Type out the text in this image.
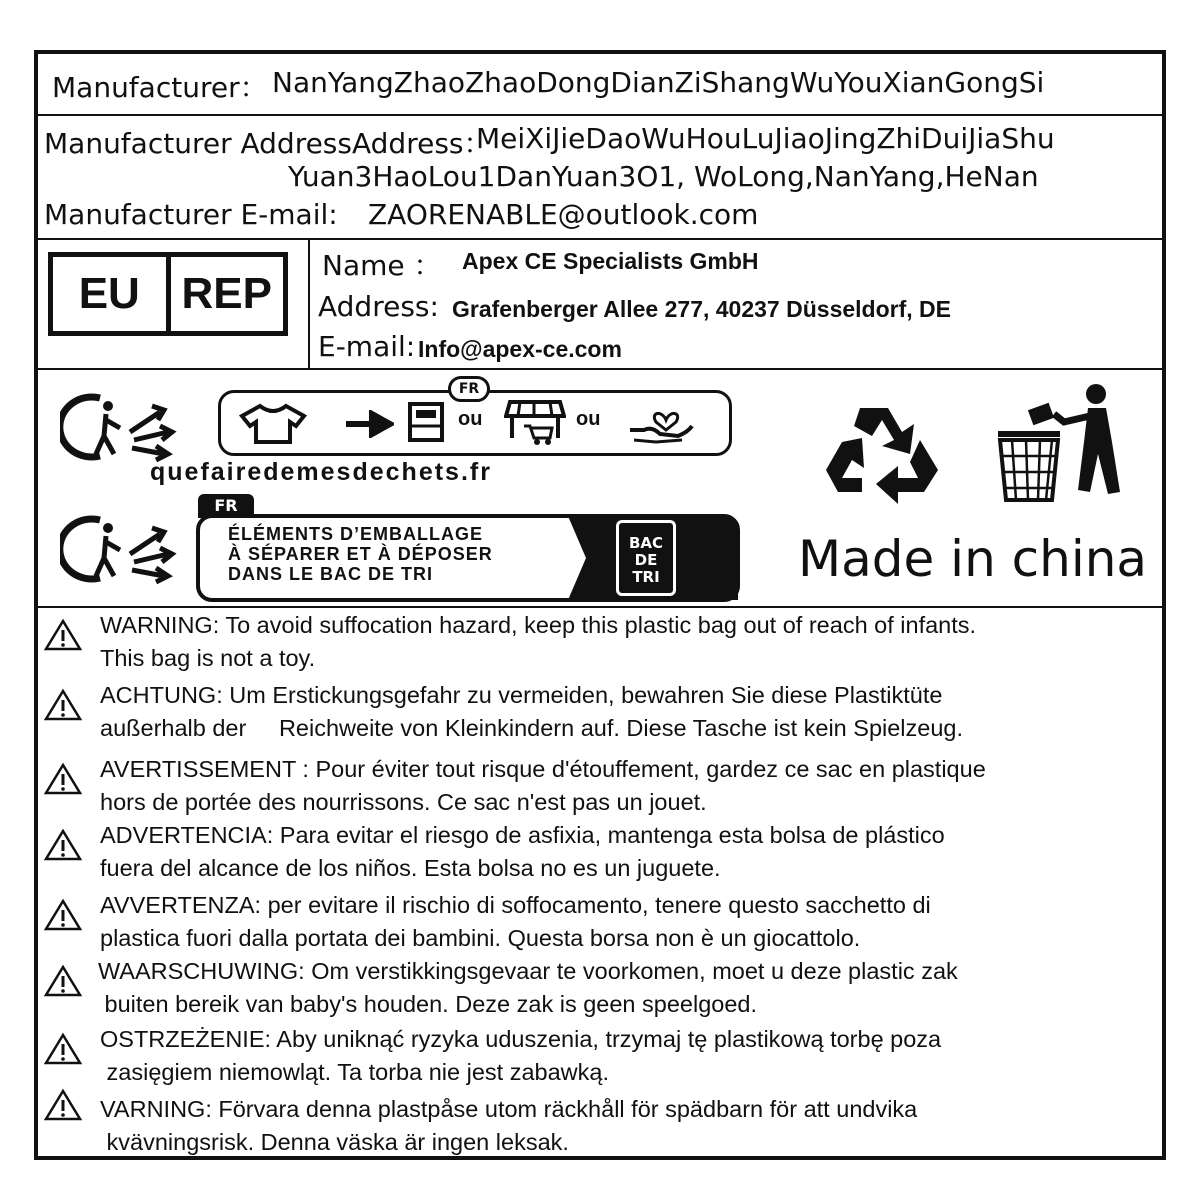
Manufacturer： NanYangZhaoZhaoDongDianZiShangWuYouXianGongSi
Manufacturer AddressAddress：
MeiXiJieDaoWuHouLuJiaoJingZhiDuiJiaShu
Yuan3HaoLou1DanYuan3O1, WoLong,NanYang,HeNan
Manufacturer E-mail: ZAORENABLE@outlook.com
EU REP
Name ： Apex CE Specialists GmbH
Address: Grafenberger Allee 277, 40237 Düsseldorf, DE
E-mail: Info@apex-ce.com
FR
ou	ou
quefairedemesdechets.fr
FR
ÉLÉMENTS D’EMBALLAGE
À SÉPARER ET À DÉPOSER
DANS LE BAC DE TRI
BAC
DE
TRI	Made in china
WARNING: To avoid suffocation hazard, keep this plastic bag out of reach of infants.
This bag is not a toy.
ACHTUNG: Um Erstickungsgefahr zu vermeiden, bewahren Sie diese Plastiktüte
außerhalb der     Reichweite von Kleinkindern auf. Diese Tasche ist kein Spielzeug.
AVERTISSEMENT : Pour éviter tout risque d'étouffement, gardez ce sac en plastique
hors de portée des nourrissons. Ce sac n'est pas un jouet.
ADVERTENCIA: Para evitar el riesgo de asfixia, mantenga esta bolsa de plástico
fuera del alcance de los niños. Esta bolsa no es un juguete.
AVVERTENZA: per evitare il rischio di soffocamento, tenere questo sacchetto di
plastica fuori dalla portata dei bambini. Questa borsa non è un giocattolo.
WAARSCHUWING: Om verstikkingsgevaar te voorkomen, moet u deze plastic zak
buiten bereik van baby's houden. Deze zak is geen speelgoed.
OSTRZEŻENIE: Aby uniknąć ryzyka uduszenia, trzymaj tę plastikową torbę poza
zasięgiem niemowląt. Ta torba nie jest zabawką.
VARNING: Förvara denna plastpåse utom räckhåll för spädbarn för att undvika
kvävningsrisk. Denna väska är ingen leksak.
